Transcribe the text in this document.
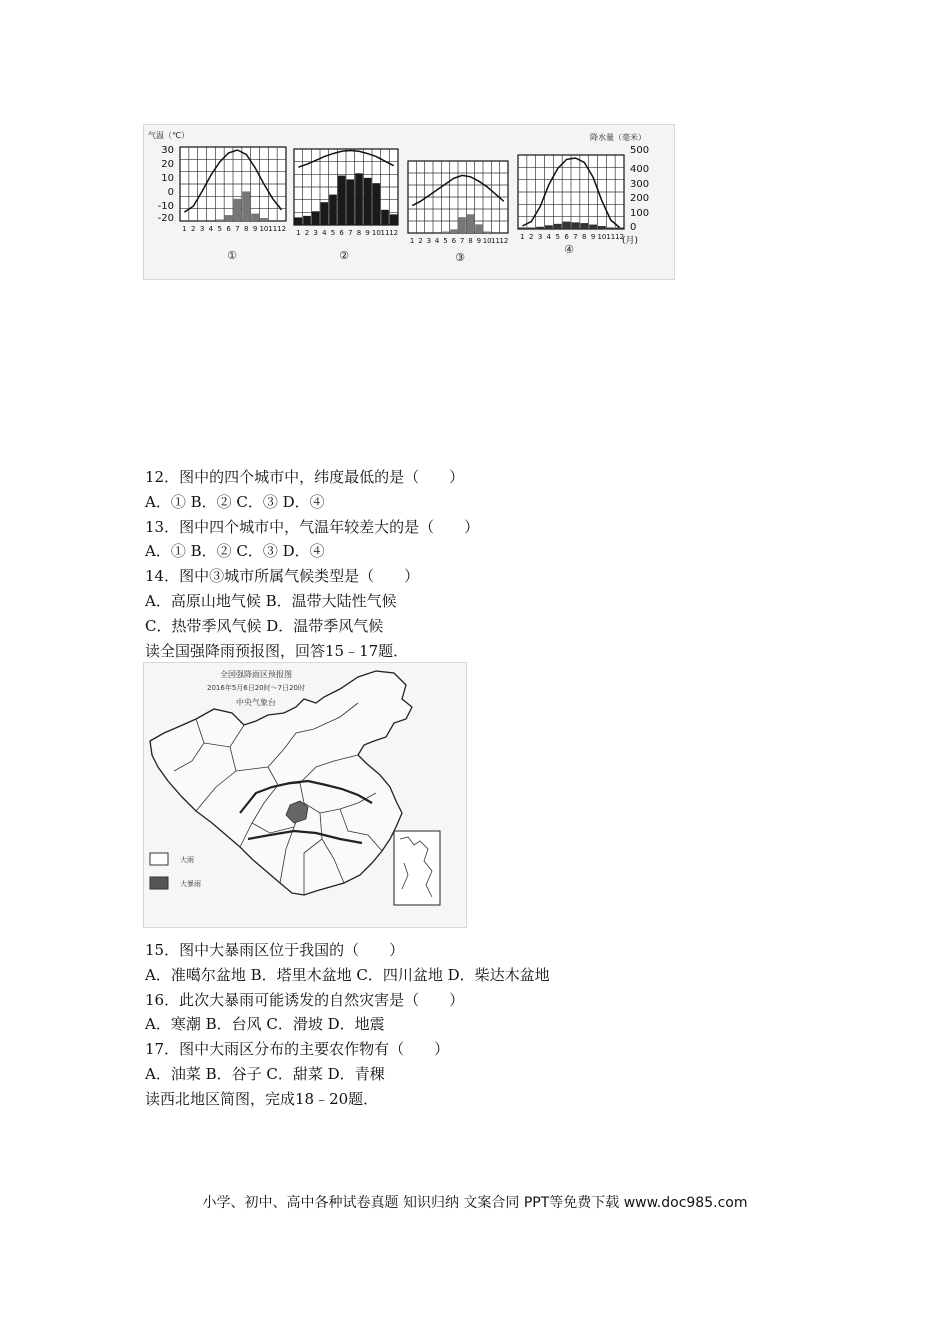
气温（℃）	降水量（毫米）
30
20
10
0
-10
-20
500
400
300
200
100
0
(月)
①	②	③
④
1 2 3 4 5 6 7 8 9 10 11 12 1 2 3 4 5 6 7 8 9 10 11 12
1 2 3 4 5 6 7 8 9 10 11 12 1 2 3 4 5 6 7 8 9 10 11 12
12．图中的四个城市中，纬度最低的是（　　）
A．① B．② C．③ D．④
13．图中四个城市中，气温年较差大的是（　　）
A．① B．② C．③ D．④
14．图中③城市所属气候类型是（　　）
A．高原山地气候 B．温带大陆性气候
C．热带季风气候 D．温带季风气候
读全国强降雨预报图，回答15﹣17题．
全国强降雨区预报图
2016年5月6日20时～7日20时
中央气象台
大雨
大暴雨
15．图中大暴雨区位于我国的（　　）
A．准噶尔盆地 B．塔里木盆地 C．四川盆地 D．柴达木盆地
16．此次大暴雨可能诱发的自然灾害是（　　）
A．寒潮 B．台风 C．滑坡 D．地震
17．图中大雨区分布的主要农作物有（　　）
A．油菜 B．谷子 C．甜菜 D．青稞
读西北地区简图，完成18﹣20题．
小学、初中、高中各种试卷真题 知识归纳 文案合同 PPT等免费下载 www.doc985.com
